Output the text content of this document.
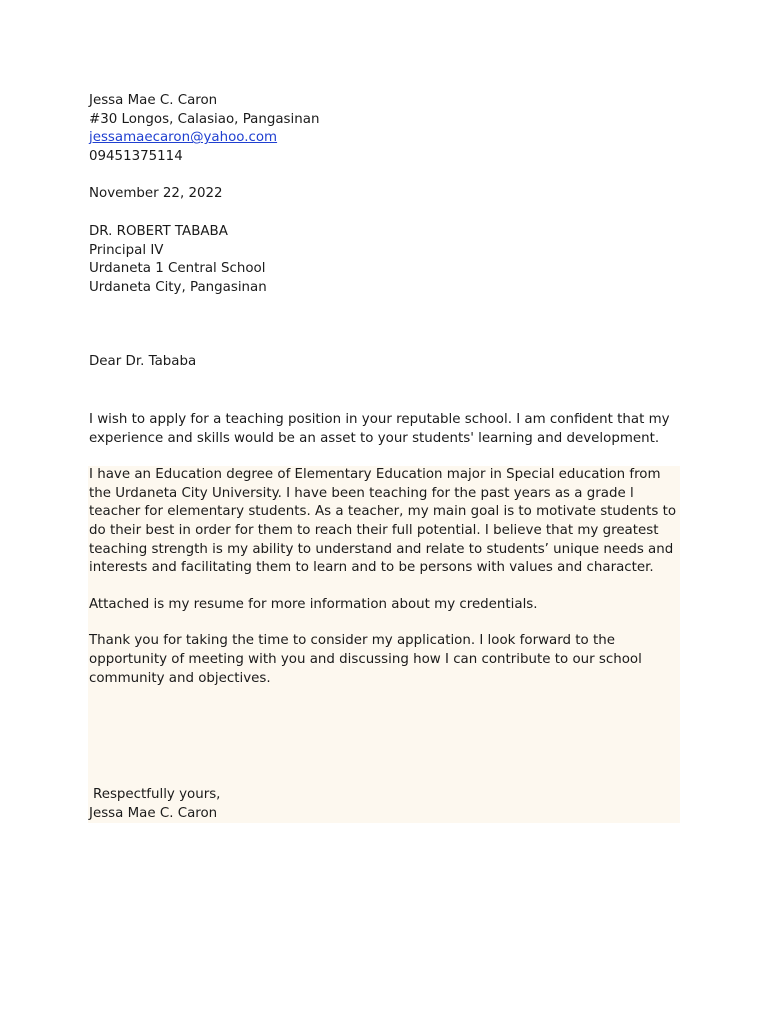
Jessa Mae C. Caron
#30 Longos, Calasiao, Pangasinan
jessamaecaron@yahoo.com
09451375114
November 22, 2022
DR. ROBERT TABABA
Principal IV
Urdaneta 1 Central School
Urdaneta City, Pangasinan
Dear Dr. Tababa

I wish to apply for a teaching position in your reputable school. I am confident that my experience and skills would be an asset to your students' learning and development.

I have an Education degree of Elementary Education major in Special education from the Urdaneta City University. I have been teaching for the past years as a grade l teacher for elementary students. As a teacher, my main goal is to motivate students to do their best in order for them to reach their full potential. I believe that my greatest teaching strength is my ability to understand and relate to students’ unique needs and interests and facilitating them to learn and to be persons with values and character.

Attached is my resume for more information about my credentials.

Thank you for taking the time to consider my application. I look forward to the opportunity of meeting with you and discussing how I can contribute to our school community and objectives.

Respectfully yours,
Jessa Mae C. Caron
